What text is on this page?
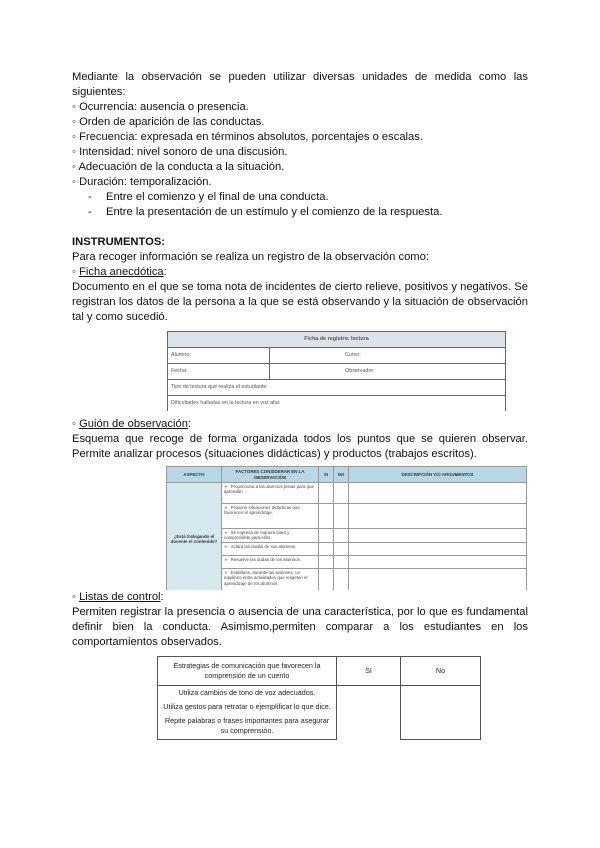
Mediante la observación se pueden utilizar diversas unidades de medida como las

siguientes:

◦ Ocurrencia: ausencia o presencia.

◦ Orden de aparición de las conductas.

◦ Frecuencia: expresada en términos absolutos, porcentajes o escalas.

◦ Intensidad: nivel sonoro de una discusión.

◦ Adecuación de la conducta a la situación.

◦ Duración: temporalización.

- Entre el comienzo y el final de una conducta.

- Entre la presentación de un estímulo y el comienzo de la respuesta.

INSTRUMENTOS:

Para recoger información se realiza un registro de la observación como:

◦ Ficha anecdótica:

Documento en el que se toma nota de incidentes de cierto relieve, positivos y negativos. Se registran los datos de la persona a la que se está observando y la situación de observación tal y como sucedió.

Ficha de registro: lectura	
Alumno:	Curso:
Fecha:	Observador:
Tipo de lectura que realiza el estudiante:	
Dificultades halladas en la lectura en voz alta:	

◦ Guión de observación:

Esquema que recoge de forma organizada todos los puntos que se quieren observar. Permite analizar procesos (situaciones didácticas) y productos (trabajos escritos).

ASPECTO	FACTORES CONSIDERAR EN LA OBSERVACIÓN	SI	NO	DESCRIPCIÓN Y/O ARGUMENTOS
¿Está trabajando el docente el contenido?	➢ Proporciona a los alumnos pistas para que aprendan.			
	➢ Propone situaciones didácticas que favorecen el aprendizaje.			
	➢ Se expresa de manera clara y comprensible para ellos.			
	➢ Aclara las dudas de sus alumnos.			
	➢ Resuelve las dudas de los alumnos.			
	➢ Establece, durante las sesiones, un equilibrio entre actividades que respeten el aprendizaje de los alumnos.			

◦ Listas de control:

Permiten registrar la presencia o ausencia de una característica, por lo que es fundamental

definir bien la conducta. Asimismo,permiten comparar a los estudiantes en los

comportamientos observados.

Estrategias de comunicación que favorecen la comprensión de un cuento	SI	No
Utiliza cambios de tono de voz adecuados.		
Utiliza gestos para retratar o ejemplificar lo que dice.		
Repite palabras o frases importantes para asegurar su comprensión.		
